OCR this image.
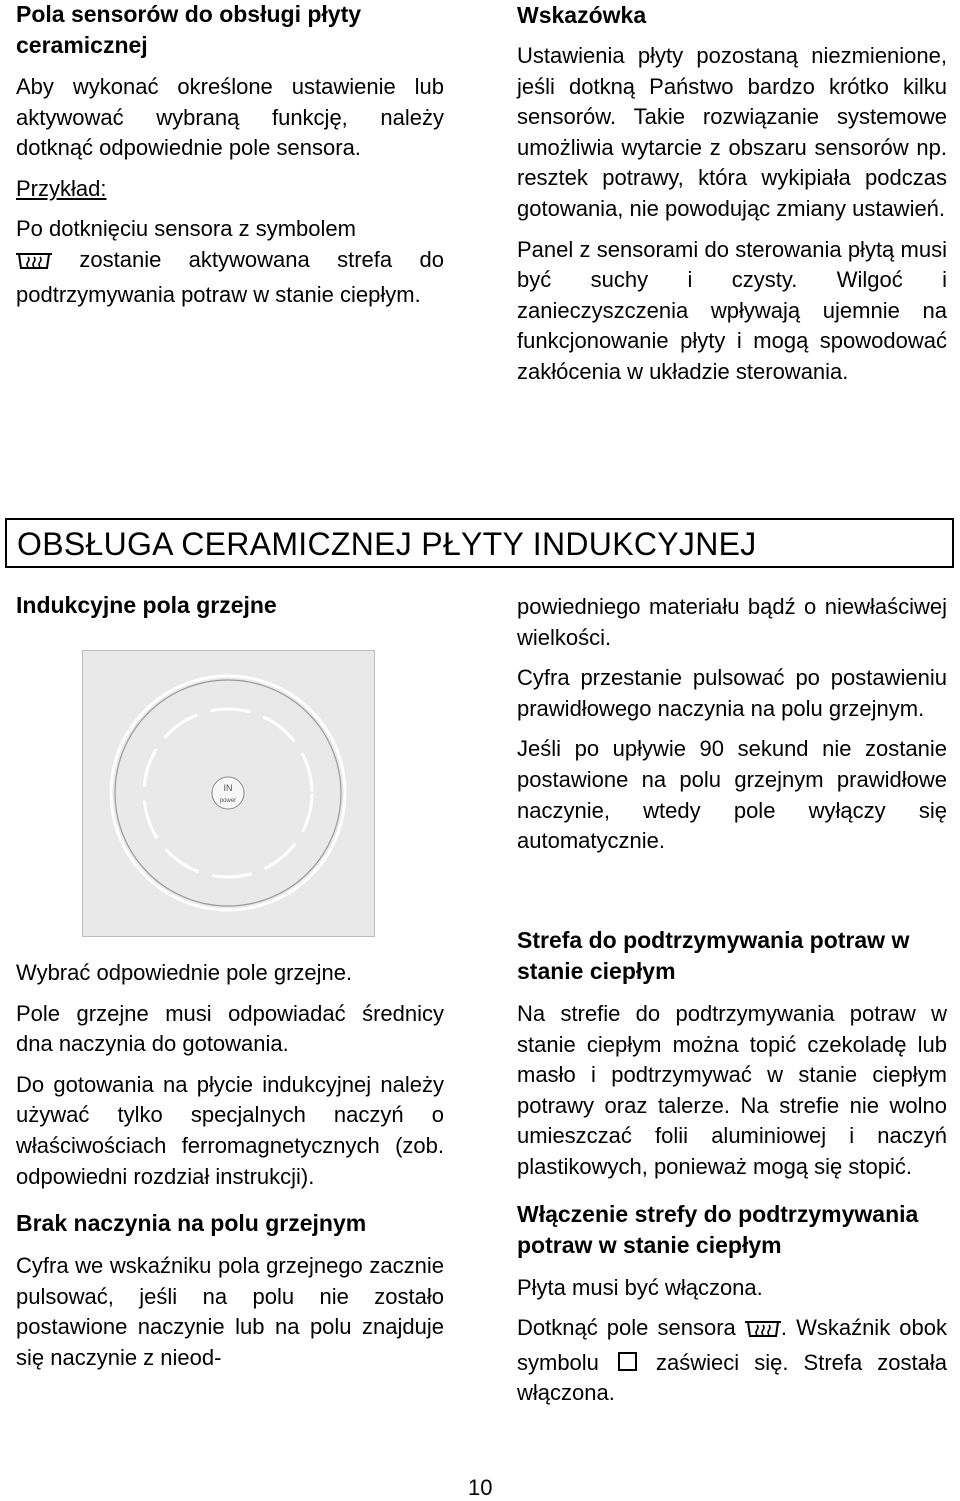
Pola sensorów do obsługi płyty ceramicznej

Aby wykonać określone ustawienie lub aktywować wybraną funkcję, należy dotknąć odpowiednie pole sensora.

Przykład:

Po dotknięciu sensora z symbolem
zostanie aktywowana strefa do podtrzymywania potraw w stanie ciepłym.

Wskazówka

Ustawienia płyty pozostaną niezmienione, jeśli dotkną Państwo bardzo krótko kilku sensorów. Takie rozwiązanie systemowe umożliwia wytarcie z obszaru sensorów np. resztek potrawy, która wykipiała podczas gotowania, nie powodując zmiany ustawień.

Panel z sensorami do sterowania płytą musi być suchy i czysty. Wilgoć i zanieczyszczenia wpływają ujemnie na funkcjonowanie płyty i mogą spowodować zakłócenia w układzie sterowania.

OBSŁUGA CERAMICZNEJ PŁYTY INDUKCYJNEJ
Indukcyjne pola grzejne
IN
power

Wybrać odpowiednie pole grzejne.

Pole grzejne musi odpowiadać średnicy dna naczynia do gotowania.

Do gotowania na płycie indukcyjnej należy używać tylko specjalnych naczyń o właściwościach ferromagnetycznych (zob. odpowiedni rozdział instrukcji).

Brak naczynia na polu grzejnym

Cyfra we wskaźniku pola grzejnego zacznie pulsować, jeśli na polu nie zostało postawione naczynie lub na polu znajduje się naczynie z nieod-

powiedniego materiału bądź o niewłaściwej wielkości.

Cyfra przestanie pulsować po postawieniu prawidłowego naczynia na polu grzejnym.

Jeśli po upływie 90 sekund nie zostanie postawione na polu grzejnym prawidłowe naczynie, wtedy pole wyłączy się automatycznie.

Strefa do podtrzymywania potraw w stanie ciepłym

Na strefie do podtrzymywania potraw w stanie ciepłym można topić czekoladę lub masło i podtrzymywać w stanie ciepłym potrawy oraz talerze. Na strefie nie wolno umieszczać folii aluminiowej i naczyń plastikowych, ponieważ mogą się stopić.

Włączenie strefy do podtrzymywania potraw w stanie ciepłym

Płyta musi być włączona.

Dotknąć pole sensora . Wskaźnik obok symbolu	zaświeci się. Strefa została włączona.

10
